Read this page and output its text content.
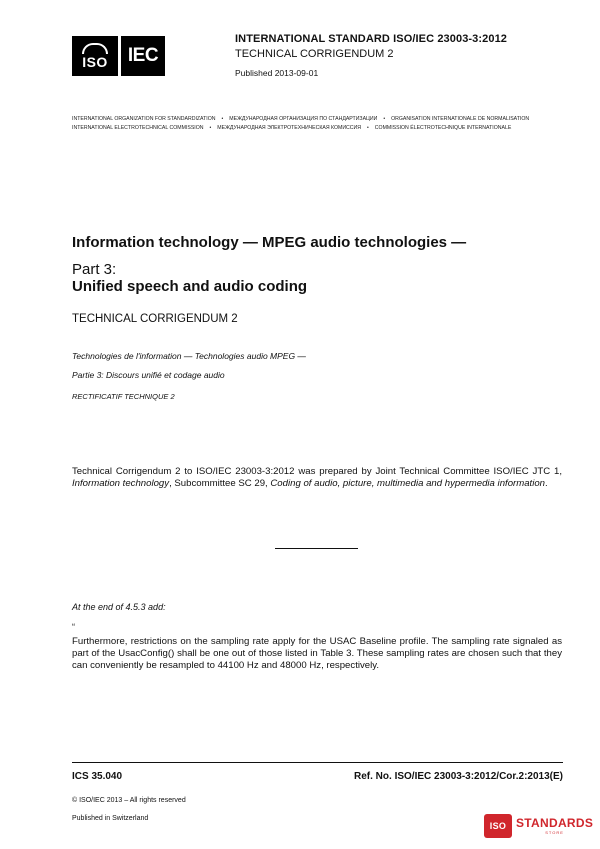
ISO	IEC
INTERNATIONAL STANDARD ISO/IEC 23003-3:2012
TECHNICAL CORRIGENDUM 2
Published 2013-09-01
INTERNATIONAL ORGANIZATION FOR STANDARDIZATION • МЕЖДУНАРОДНАЯ ОРГАНИЗАЦИЯ ПО СТАНДАРТИЗАЦИИ • ORGANISATION INTERNATIONALE DE NORMALISATION
INTERNATIONAL ELECTROTECHNICAL COMMISSION • МЕЖДУНАРОДНАЯ ЭЛЕКТРОТЕХНИЧЕСКАЯ КОМИССИЯ • COMMISSION ÉLECTROTECHNIQUE INTERNATIONALE
Information technology — MPEG audio technologies —
Part 3:
Unified speech and audio coding
TECHNICAL CORRIGENDUM 2
Technologies de l'information — Technologies audio MPEG —
Partie 3: Discours unifié et codage audio
RECTIFICATIF TECHNIQUE 2
Technical Corrigendum 2 to ISO/IEC 23003-3:2012 was prepared by Joint Technical Committee ISO/IEC JTC 1, Information technology, Subcommittee SC 29, Coding of audio, picture, multimedia and hypermedia information.
At the end of 4.5.3 add:
“
Furthermore, restrictions on the sampling rate apply for the USAC Baseline profile. The sampling rate signaled as part of the UsacConfig() shall be one out of those listed in Table 3. These sampling rates are chosen such that they can conveniently be resampled to 44100 Hz and 48000 Hz, respectively.
ICS 35.040	Ref. No. ISO/IEC 23003-3:2012/Cor.2:2013(E)
© ISO/IEC 2013 – All rights reserved
Published in Switzerland
ISO STANDARDS
STORE
